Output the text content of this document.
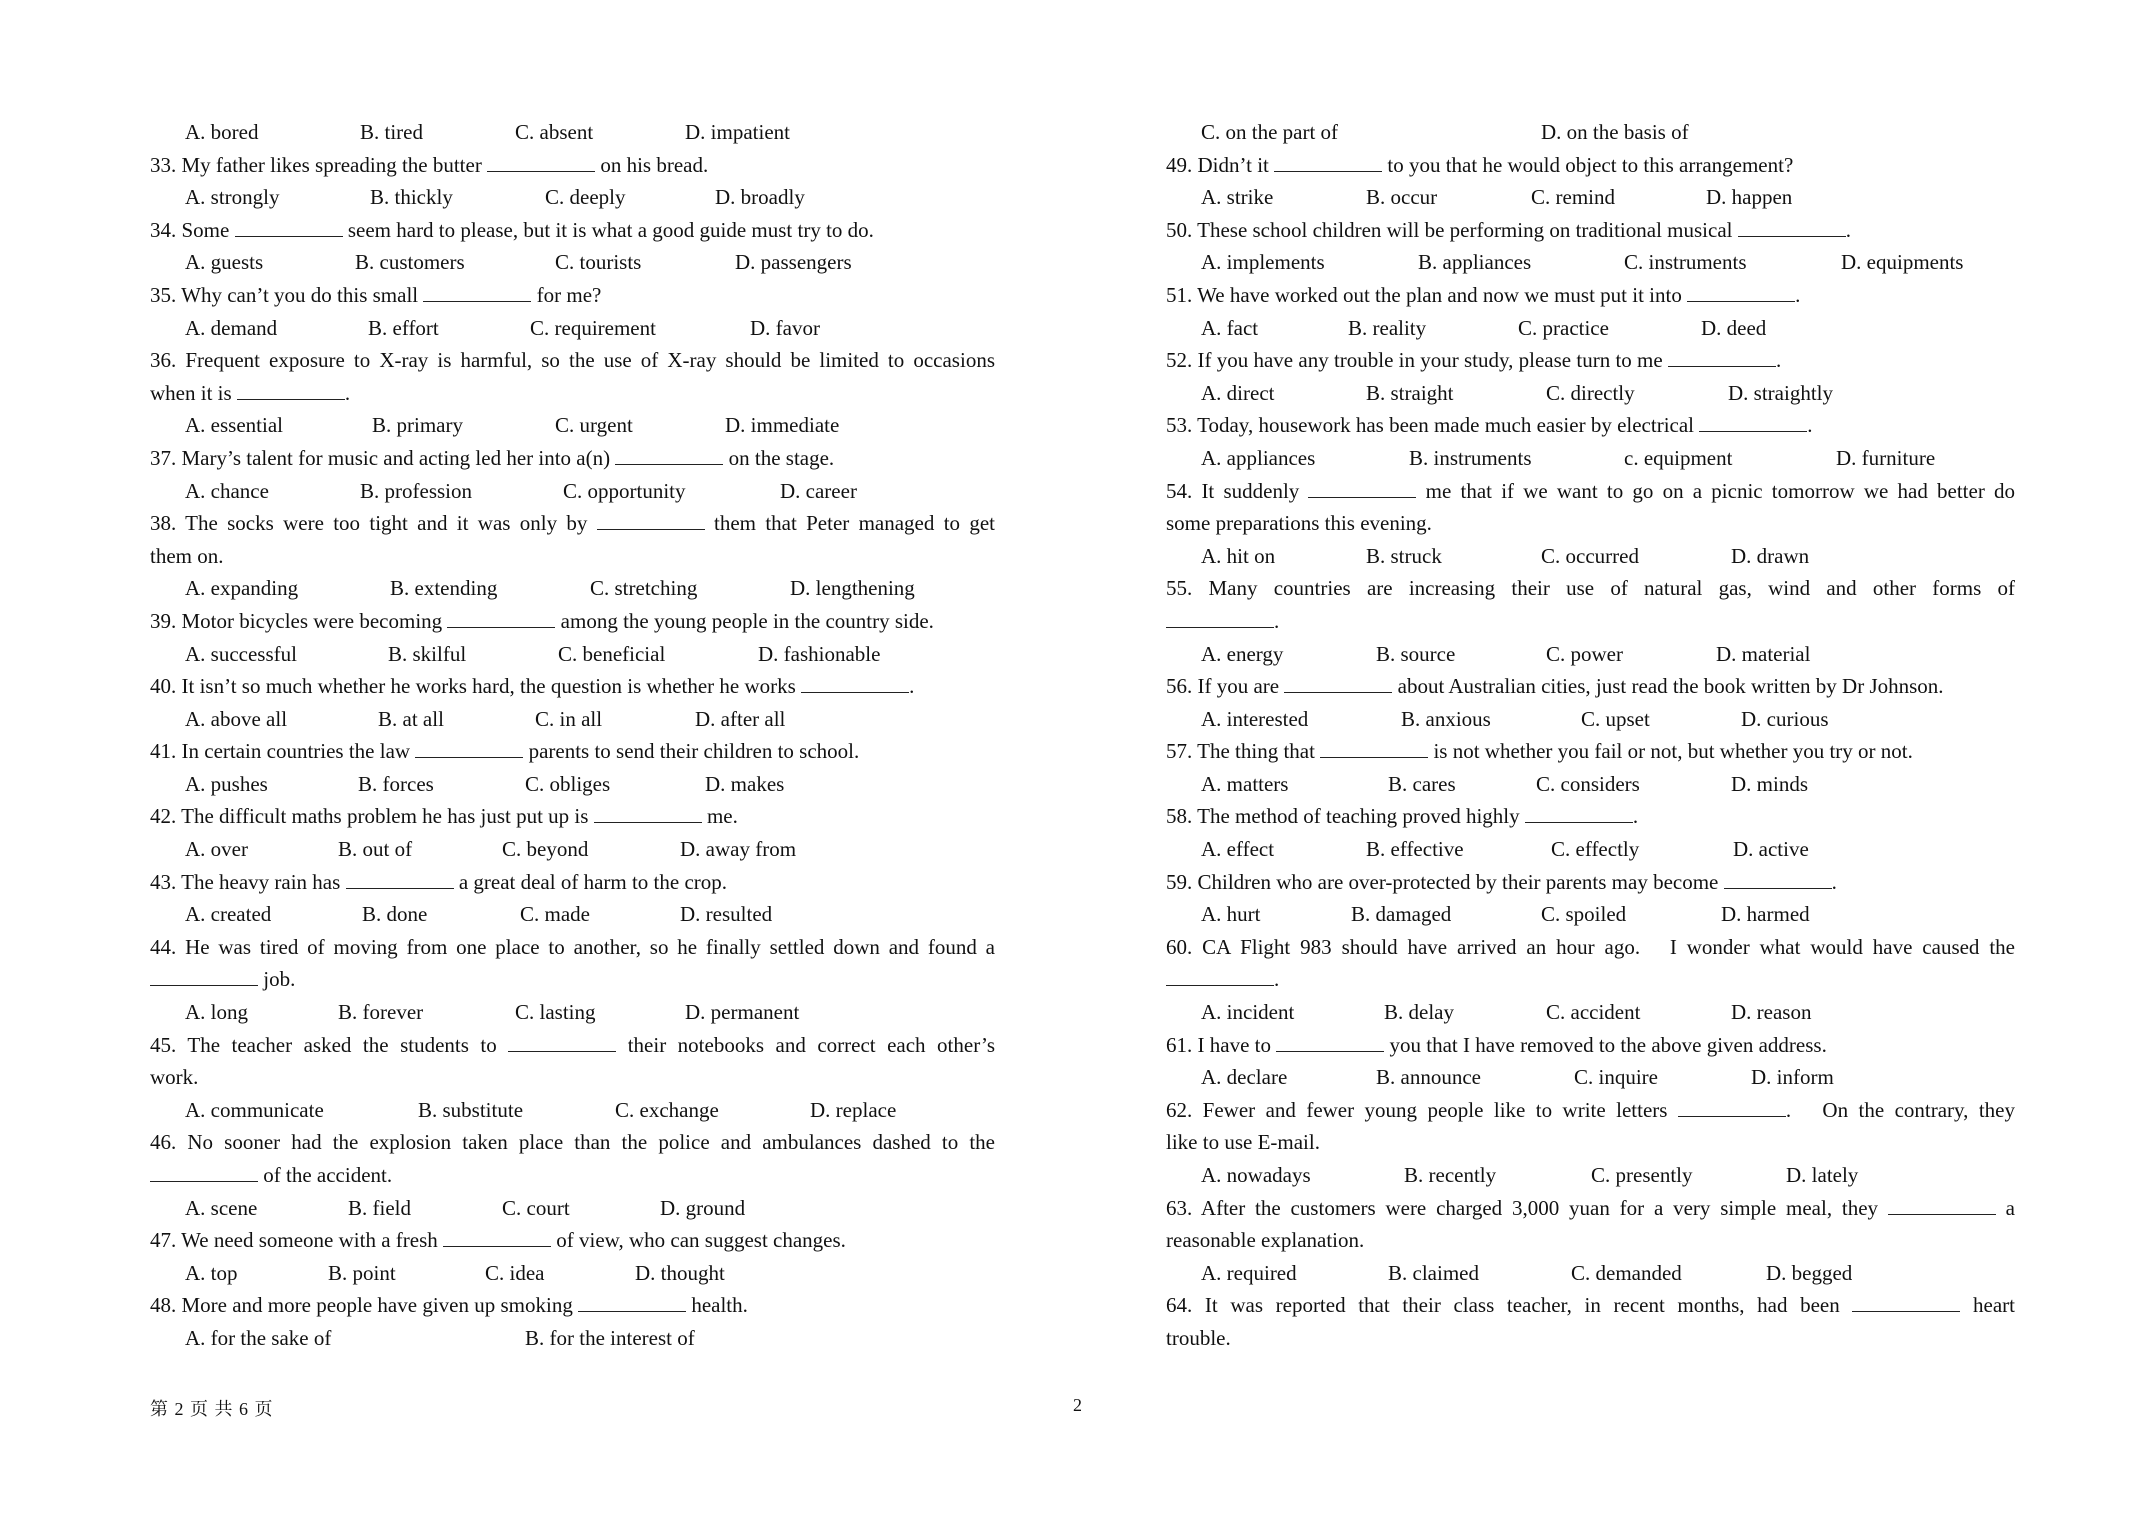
A. bored	B. tired	C. absent	D. impatient
33. My father likes spreading the butter	on his bread.
A. strongly	B. thickly	C. deeply	D. broadly
34. Some	seem hard to please, but it is what a good guide must try to do.
A. guests	B. customers	C. tourists	D. passengers
35. Why can’t you do this small	for me?
A. demand	B. effort	C. requirement	D. favor
36. Frequent exposure to X-ray is harmful, so the use of X-ray should be limited to occasions
when it is	.
A. essential	B. primary	C. urgent	D. immediate
37. Mary’s talent for music and acting led her into a(n)	on the stage.
A. chance	B. profession	C. opportunity	D. career
38. The socks were too tight and it was only by	them that Peter managed to get
them on.
A. expanding	B. extending	C. stretching	D. lengthening
39. Motor bicycles were becoming	among the young people in the country side.
A. successful	B. skilful	C. beneficial	D. fashionable
40. It isn’t so much whether he works hard, the question is whether he works	.
A. above all	B. at all	C. in all	D. after all
41. In certain countries the law	parents to send their children to school.
A. pushes	B. forces	C. obliges	D. makes
42. The difficult maths problem he has just put up is	me.
A. over	B. out of	C. beyond	D. away from
43. The heavy rain has	a great deal of harm to the crop.
A. created	B. done	C. made	D. resulted
44. He was tired of moving from one place to another, so he finally settled down and found a
job.
A. long	B. forever	C. lasting	D. permanent
45. The teacher asked the students to	their notebooks and correct each other’s
work.
A. communicate	B. substitute	C. exchange	D. replace
46. No sooner had the explosion taken place than the police and ambulances dashed to the
of the accident.
A. scene	B. field	C. court	D. ground
47. We need someone with a fresh	of view, who can suggest changes.
A. top	B. point	C. idea	D. thought
48. More and more people have given up smoking	health.
A. for the sake of	B. for the interest of
C. on the part of	D. on the basis of
49. Didn’t it	to you that he would object to this arrangement?
A. strike	B. occur	C. remind	D. happen
50. These school children will be performing on traditional musical	.
A. implements	B. appliances	C. instruments	D. equipments
51. We have worked out the plan and now we must put it into	.
A. fact	B. reality	C. practice	D. deed
52. If you have any trouble in your study, please turn to me	.
A. direct	B. straight	C. directly	D. straightly
53. Today, housework has been made much easier by electrical	.
A. appliances	B. instruments	c. equipment	D. furniture
54. It suddenly	me that if we want to go on a picnic tomorrow we had better do
some preparations this evening.
A. hit on	B. struck	C. occurred	D. drawn
55. Many countries are increasing their use of natural gas, wind and other forms of
.
A. energy	B. source	C. power	D. material
56. If you are	about Australian cities, just read the book written by Dr Johnson.
A. interested	B. anxious	C. upset	D. curious
57. The thing that	is not whether you fail or not, but whether you try or not.
A. matters	B. cares	C. considers	D. minds
58. The method of teaching proved highly	.
A. effect	B. effective	C. effectly	D. active
59. Children who are over-protected by their parents may become	.
A. hurt	B. damaged	C. spoiled	D. harmed
60. CA Flight 983 should have arrived an hour ago.   I wonder what would have caused the
.
A. incident	B. delay	C. accident	D. reason
61. I have to	you that I have removed to the above given address.
A. declare	B. announce	C. inquire	D. inform
62. Fewer and fewer young people like to write letters	.   On the contrary, they
like to use E-mail.
A. nowadays	B. recently	C. presently	D. lately
63. After the customers were charged 3,000 yuan for a very simple meal, they	a
reasonable explanation.
A. required	B. claimed	C. demanded	D. begged
64. It was reported that their class teacher, in recent months, had been	heart
trouble.
第 2 页 共 6 页	2
